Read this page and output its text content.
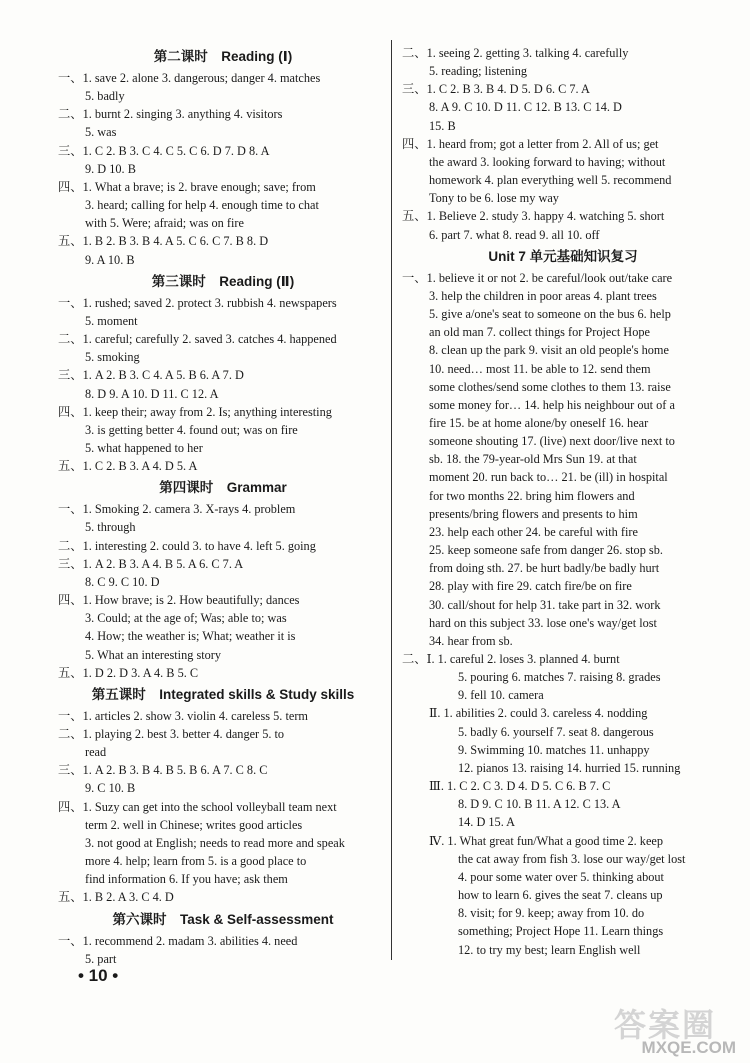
第二课时　Reading (Ⅰ)
一、1. save 2. alone 3. dangerous; danger 4. matches
5. badly
二、1. burnt 2. singing 3. anything 4. visitors
5. was
三、1. C 2. B 3. C 4. C 5. C 6. D 7. D 8. A
9. D 10. B
四、1. What a brave; is 2. brave enough; save; from
3. heard; calling for help 4. enough time to chat
with 5. Were; afraid; was on fire
五、1. B 2. B 3. B 4. A 5. C 6. C 7. B 8. D
9. A 10. B
第三课时　Reading (Ⅱ)
一、1. rushed; saved 2. protect 3. rubbish 4. newspapers
5. moment
二、1. careful; carefully 2. saved 3. catches 4. happened
5. smoking
三、1. A 2. B 3. C 4. A 5. B 6. A 7. D
8. D 9. A 10. D 11. C 12. A
四、1. keep their; away from 2. Is; anything interesting
3. is getting better 4. found out; was on fire
5. what happened to her
五、1. C 2. B 3. A 4. D 5. A
第四课时　Grammar
一、1. Smoking 2. camera 3. X-rays 4. problem
5. through
二、1. interesting 2. could 3. to have 4. left 5. going
三、1. A 2. B 3. A 4. B 5. A 6. C 7. A
8. C 9. C 10. D
四、1. How brave; is 2. How beautifully; dances
3. Could; at the age of; Was; able to; was
4. How; the weather is; What; weather it is
5. What an interesting story
五、1. D 2. D 3. A 4. B 5. C
第五课时　Integrated skills & Study skills
一、1. articles 2. show 3. violin 4. careless 5. term
二、1. playing 2. best 3. better 4. danger 5. to
read
三、1. A 2. B 3. B 4. B 5. B 6. A 7. C 8. C
9. C 10. B
四、1. Suzy can get into the school volleyball team next
term 2. well in Chinese; writes good articles
3. not good at English; needs to read more and speak
more 4. help; learn from 5. is a good place to
find information 6. If you have; ask them
五、1. B 2. A 3. C 4. D
第六课时　Task & Self-assessment
一、1. recommend 2. madam 3. abilities 4. need
5. part
二、1. seeing 2. getting 3. talking 4. carefully
5. reading; listening
三、1. C 2. B 3. B 4. D 5. D 6. C 7. A
8. A 9. C 10. D 11. C 12. B 13. C 14. D
15. B
四、1. heard from; got a letter from 2. All of us; get
the award 3. looking forward to having; without
homework 4. plan everything well 5. recommend
Tony to be 6. lose my way
五、1. Believe 2. study 3. happy 4. watching 5. short
6. part 7. what 8. read 9. all 10. off
Unit 7 单元基础知识复习
一、1. believe it or not 2. be careful/look out/take care
3. help the children in poor areas 4. plant trees
5. give a/one's seat to someone on the bus 6. help
an old man 7. collect things for Project Hope
8. clean up the park 9. visit an old people's home
10. need… most 11. be able to 12. send them
some clothes/send some clothes to them 13. raise
some money for… 14. help his neighbour out of a
fire 15. be at home alone/by oneself 16. hear
someone shouting 17. (live) next door/live next to
sb. 18. the 79-year-old Mrs Sun 19. at that
moment 20. run back to… 21. be (ill) in hospital
for two months 22. bring him flowers and
presents/bring flowers and presents to him
23. help each other 24. be careful with fire
25. keep someone safe from danger 26. stop sb.
from doing sth. 27. be hurt badly/be badly hurt
28. play with fire 29. catch fire/be on fire
30. call/shout for help 31. take part in 32. work
hard on this subject 33. lose one's way/get lost
34. hear from sb.
二、Ⅰ. 1. careful 2. loses 3. planned 4. burnt
5. pouring 6. matches 7. raising 8. grades
9. fell 10. camera
Ⅱ. 1. abilities 2. could 3. careless 4. nodding
5. badly 6. yourself 7. seat 8. dangerous
9. Swimming 10. matches 11. unhappy
12. pianos 13. raising 14. hurried 15. running
Ⅲ. 1. C 2. C 3. D 4. D 5. C 6. B 7. C
8. D 9. C 10. B 11. A 12. C 13. A
14. D 15. A
Ⅳ. 1. What great fun/What a good time 2. keep
the cat away from fish 3. lose our way/get lost
4. pour some water over 5. thinking about
how to learn 6. gives the seat 7. cleans up
8. visit; for 9. keep; away from 10. do
something; Project Hope 11. Learn things
12. to try my best; learn English well
• 10 •
答案圈
MXQE.COM
